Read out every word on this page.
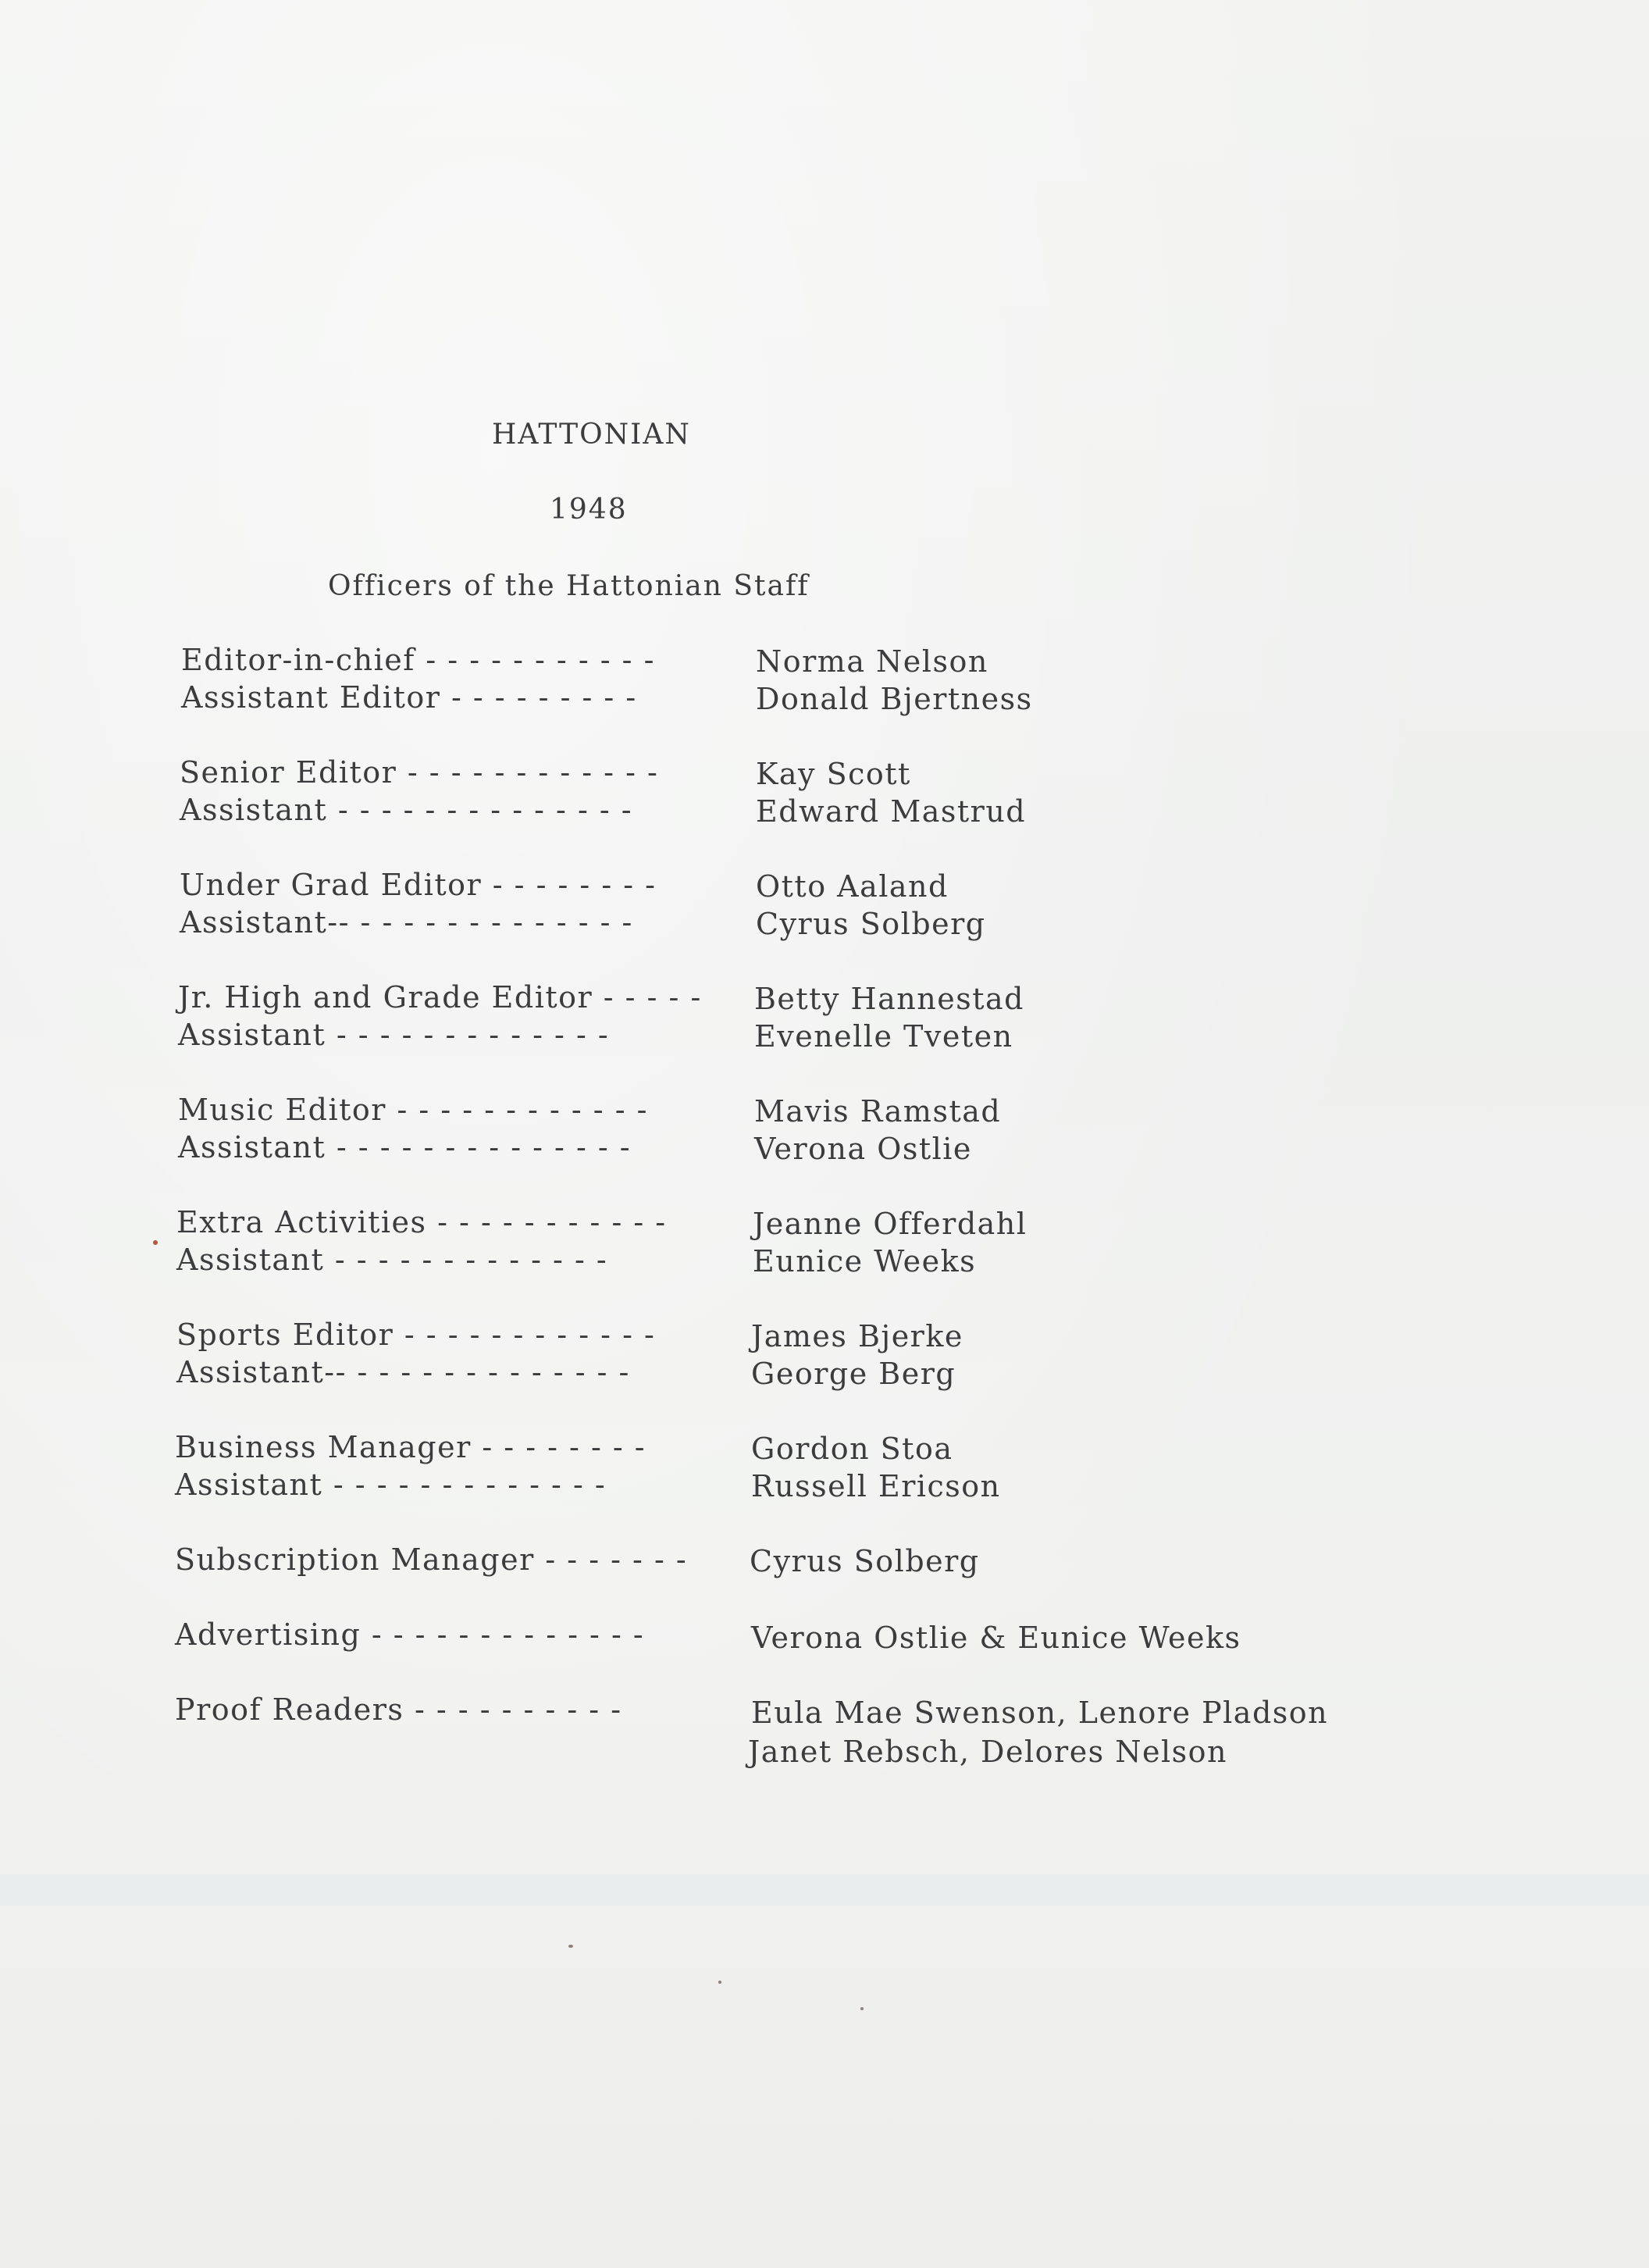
HATTONIAN
1948
Officers of the Hattonian Staff
Editor-in-chief - - - - - - - - - - -
Assistant Editor - - - - - - - - -
Senior Editor - - - - - - - - - - - -
Assistant - - - - - - - - - - - - - -
Under Grad Editor - - - - - - - -
Assistant-- - - - - - - - - - - - - -
Jr. High and Grade Editor - - - - -
Assistant - - - - - - - - - - - - -
Music Editor - - - - - - - - - - - -
Assistant - - - - - - - - - - - - - -
Extra Activities - - - - - - - - - - -
Assistant - - - - - - - - - - - - -
Sports Editor - - - - - - - - - - - -
Assistant-- - - - - - - - - - - - - -
Business Manager - - - - - - - -
Assistant - - - - - - - - - - - - -
Subscription Manager - - - - - - -
Advertising - - - - - - - - - - - - -
Proof Readers - - - - - - - - - -
Norma Nelson
Donald Bjertness
Kay Scott
Edward Mastrud
Otto Aaland
Cyrus Solberg
Betty Hannestad
Evenelle Tveten
Mavis Ramstad
Verona Ostlie
Jeanne Offerdahl
Eunice Weeks
James Bjerke
George Berg
Gordon Stoa
Russell Ericson
Cyrus Solberg
Verona Ostlie & Eunice Weeks
Eula Mae Swenson, Lenore Pladson
Janet Rebsch, Delores Nelson
